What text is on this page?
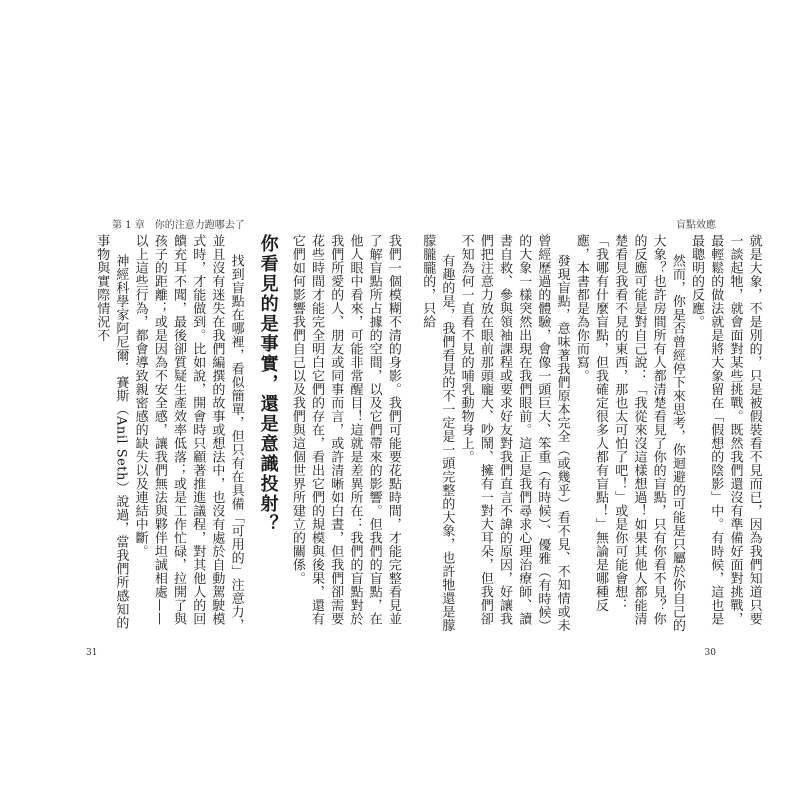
盲點效應

就是大象，不是別的，只是被假裝看不見而已，因為我們知道只要一談起牠，就會面對某些挑戰。既然我們還沒有準備好面對挑戰，最輕鬆的做法就是將大象留在「假想的陰影」中。有時候，這也是最聰明的反應。

然而，你是否曾經停下來思考，你迴避的可能是只屬於你自己的大象？也許房間所有人都清楚看見了你的盲點，只有你看不見？你的反應可能是對自己說：「我從來沒這樣想過！如果其他人都能清楚看見我看不見的東西，那也太可怕了吧！」或是你可能會想：「我哪有什麼盲點，但我確定很多人都有盲點！」無論是哪種反應，本書都是為你而寫。

發現盲點，意味著我們原本完全（或幾乎）看不見、不知情或未曾經歷過的體驗，會像一頭巨大、笨重（有時候）、優雅（有時候）的大象一樣突然出現在我們眼前。這正是我們尋求心理治療師、讀書自救、參與領袖課程或要求好友對我們直言不諱的原因，好讓我們把注意力放在眼前那頭龐大、吵鬧、擁有一對大耳朵，但我們卻不知為何一直看不見的哺乳動物身上。

有趣的是，我們看見的不一定是一頭完整的大象，也許牠還是朦朦朧朧的，只給

30
第 1 章　你的注意力跑哪去了

我們一個模糊不清的身影。我們可能要花點時間，才能完整看見並了解盲點所占據的空間，以及它們帶來的影響。但我們的盲點，在他人眼中看來，可能非常醒目！這就是差異所在：我們的盲點對於我們所愛的人、朋友或同事而言，或許清晰如白晝，但我們卻需要花些時間才能完全明白它們的存在，看出它們的規模與後果，還有它們如何影響我們自己以及我們與這個世界所建立的關係。

你看見的是事實，還是意識投射？

找到盲點在哪裡，看似簡單，但只有在具備「可用的」注意力，並且沒有迷失在我們編撰的故事或想法中，也沒有處於自動駕駛模式時，才能做到。比如說，開會時只顧著推進議程，對其他人的回饋充耳不聞，最後卻質疑生產效率低落；或是工作忙碌，拉開了與孩子的距離；或是因為不安全感，讓我們無法與夥伴坦誠相處——以上這些行為，都會導致親密感的缺失以及連結中斷。

神經科學家阿尼爾．賽斯（Anil Seth）說過，當我們所感知的事物與實際情況不

31
